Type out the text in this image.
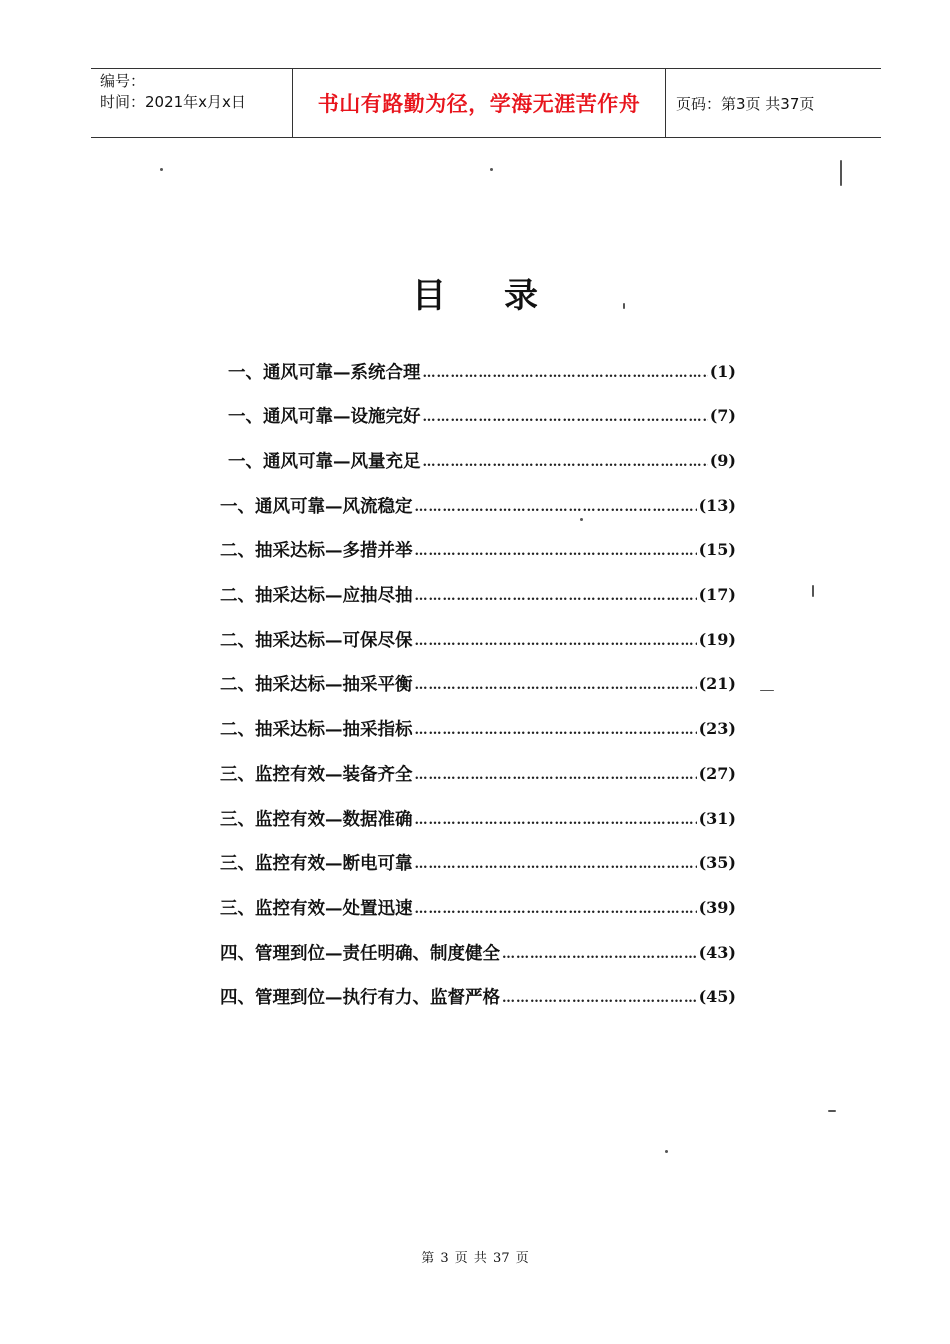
编号：
时间：2021年x月x日	书山有路勤为径，学海无涯苦作舟 页码：第3页 共37页
目录
一、通风可靠—系统合理 ………………………………………………………………………………………………………………	(1)
一、通风可靠—设施完好 ………………………………………………………………………………………………………………	(7)
一、通风可靠—风量充足 ………………………………………………………………………………………………………………	(9)
一、通风可靠—风流稳定 ………………………………………………………………………………………………………………	(13)
二、抽采达标—多措并举 ………………………………………………………………………………………………………………	(15)
二、抽采达标—应抽尽抽 ………………………………………………………………………………………………………………	(17)
二、抽采达标—可保尽保 ………………………………………………………………………………………………………………	(19)
二、抽采达标—抽采平衡 ………………………………………………………………………………………………………………	(21)
二、抽采达标—抽采指标 ………………………………………………………………………………………………………………	(23)
三、监控有效—装备齐全 ………………………………………………………………………………………………………………	(27)
三、监控有效—数据准确 ………………………………………………………………………………………………………………	(31)
三、监控有效—断电可靠 ………………………………………………………………………………………………………………	(35)
三、监控有效—处置迅速 ………………………………………………………………………………………………………………	(39)
四、管理到位—责任明确、制度健全 ………………………………………………………………………………………………………………	(43)
四、管理到位—执行有力、监督严格 ………………………………………………………………………………………………………………	(45)
第 3 页 共 37 页
